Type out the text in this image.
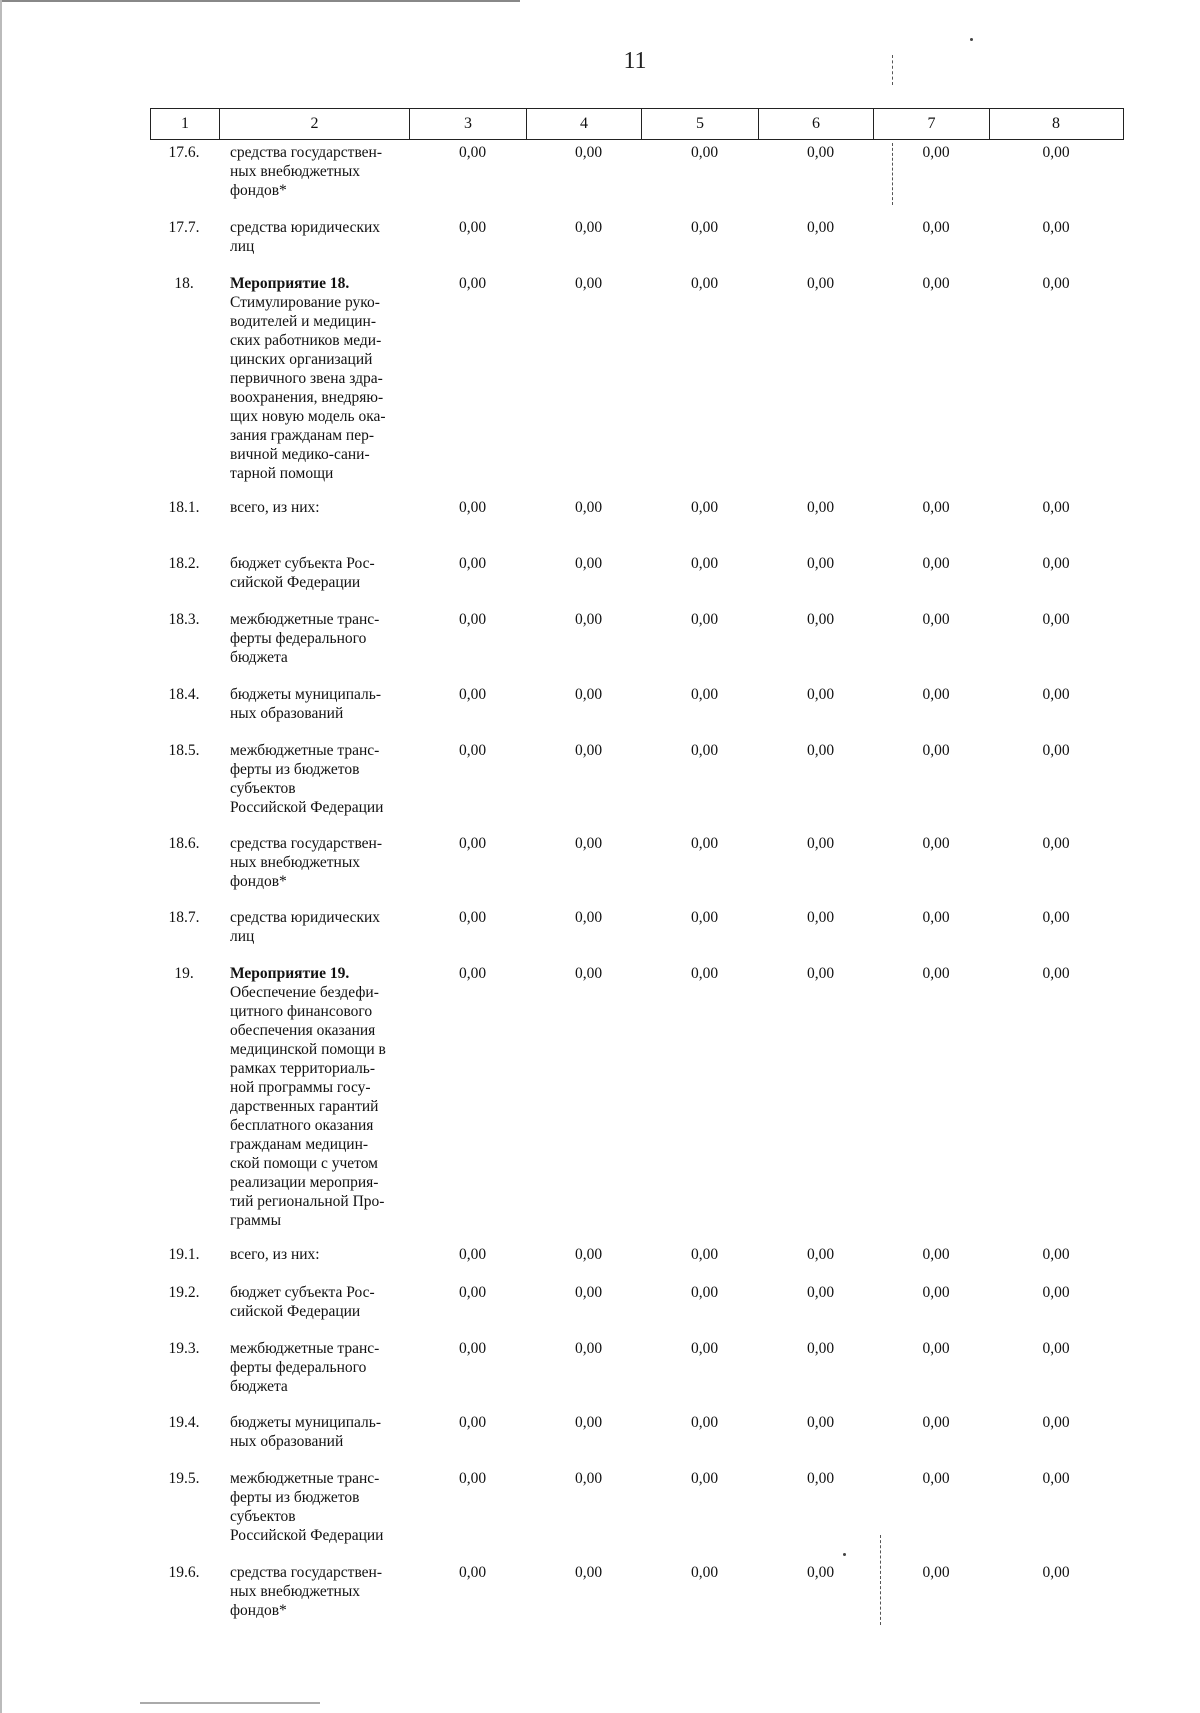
11
1	2	3	4	5	6	7	8
17.6.	средства государствен-
ных внебюджетных
фондов*
0,00	0,00	0,00	0,00	0,00	0,00
17.7.	средства юридических
лиц
0,00	0,00	0,00	0,00	0,00	0,00
18.	Мероприятие 18.
Стимулирование руко-
водителей и медицин-
ских работников меди-
цинских организаций
первичного звена здра-
воохранения, внедряю-
щих новую модель ока-
зания гражданам пер-
вичной медико-сани-
тарной помощи
0,00	0,00	0,00	0,00	0,00	0,00
18.1.	всего, из них:	0,00	0,00	0,00	0,00	0,00	0,00
18.2.	бюджет субъекта Рос-
сийской Федерации
0,00	0,00	0,00	0,00	0,00	0,00
18.3.	межбюджетные транс-
ферты федерального
бюджета
0,00	0,00	0,00	0,00	0,00	0,00
18.4.	бюджеты муниципаль-
ных образований
0,00	0,00	0,00	0,00	0,00	0,00
18.5.	межбюджетные транс-
ферты из бюджетов
субъектов
Российской Федерации
0,00	0,00	0,00	0,00	0,00	0,00
18.6.	средства государствен-
ных внебюджетных
фондов*
0,00	0,00	0,00	0,00	0,00	0,00
18.7.	средства юридических
лиц
0,00	0,00	0,00	0,00	0,00	0,00
19.	Мероприятие 19.
Обеспечение бездефи-
цитного финансового
обеспечения оказания
медицинской помощи в
рамках территориаль-
ной программы госу-
дарственных гарантий
бесплатного оказания
гражданам медицин-
ской помощи с учетом
реализации мероприя-
тий региональной Про-
граммы
0,00	0,00	0,00	0,00	0,00	0,00
19.1.	всего, из них:	0,00	0,00	0,00	0,00	0,00	0,00
19.2.	бюджет субъекта Рос-
сийской Федерации
0,00	0,00	0,00	0,00	0,00	0,00
19.3.	межбюджетные транс-
ферты федерального
бюджета
0,00	0,00	0,00	0,00	0,00	0,00
19.4.	бюджеты муниципаль-
ных образований
0,00	0,00	0,00	0,00	0,00	0,00
19.5.	межбюджетные транс-
ферты из бюджетов
субъектов
Российской Федерации
0,00	0,00	0,00	0,00	0,00	0,00
19.6.	средства государствен-
ных внебюджетных
фондов*
0,00	0,00	0,00	0,00	0,00	0,00
